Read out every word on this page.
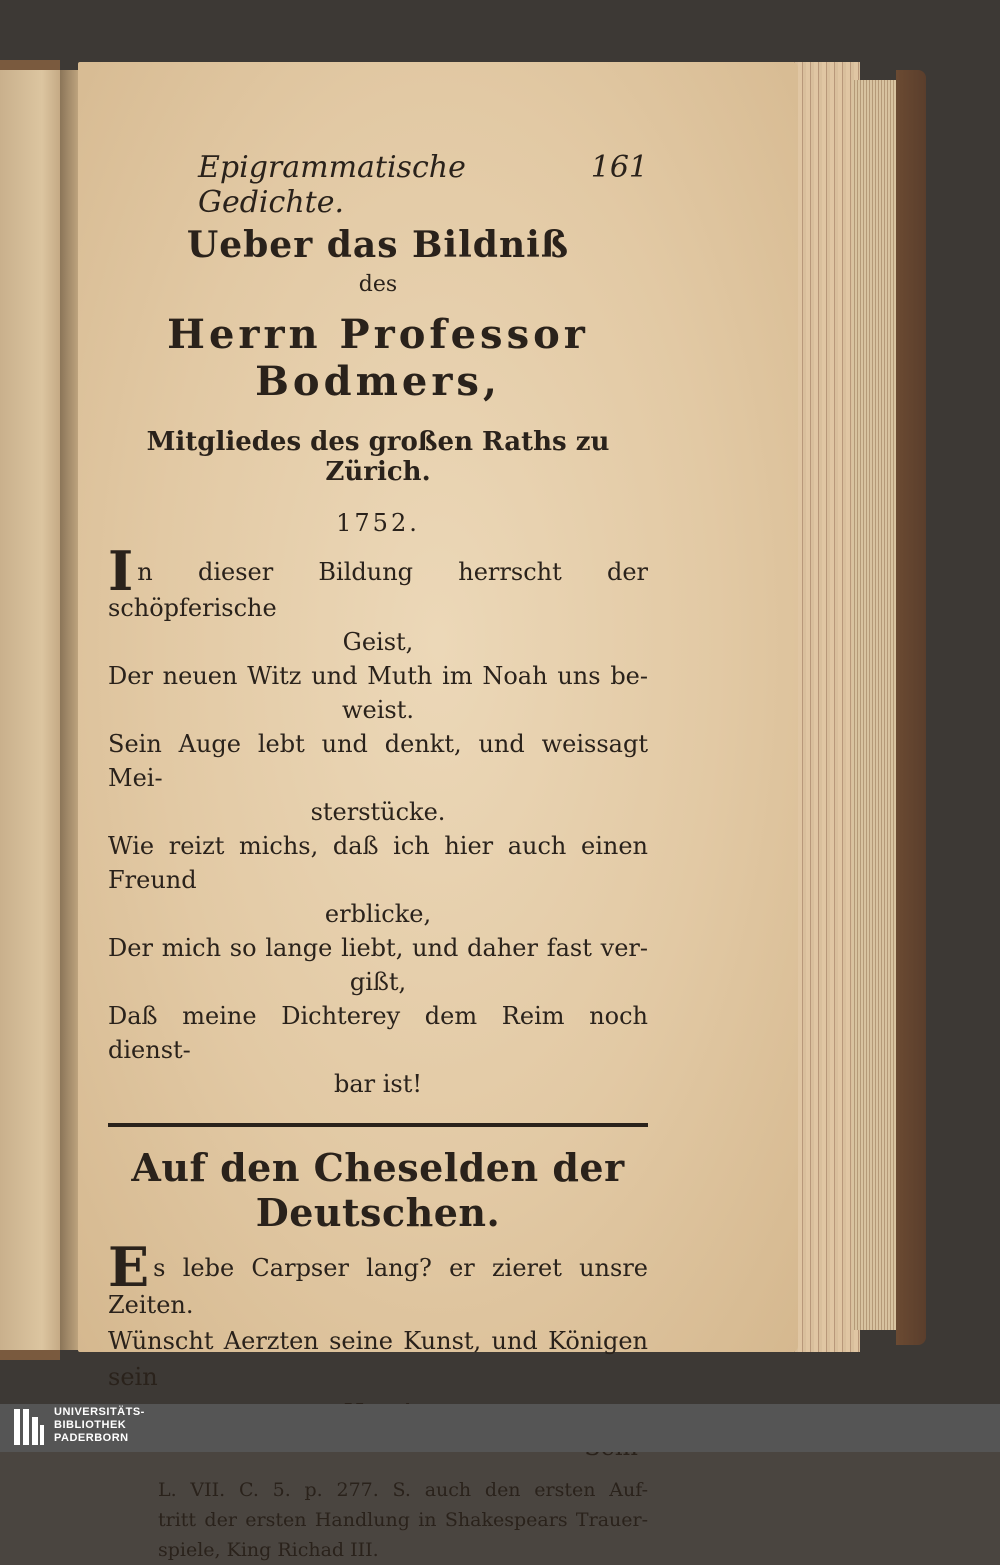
Epigrammatische Gedichte.
161
Ueber das Bildniß
des
Herrn Professor Bodmers,
Mitgliedes des großen Raths zu Zürich.
1752.
In dieser Bildung herrscht der schöpferische
Geist,
Der neuen Witz und Muth im Noah uns be-
weist.
Sein Auge lebt und denkt, und weissagt Mei-
sterstücke.
Wie reizt michs, daß ich hier auch einen Freund
erblicke,
Der mich so lange liebt, und daher fast ver-
gißt,
Daß meine Dichterey dem Reim noch dienst-
bar ist!
Auf den Cheselden der Deutschen.
Es lebe Carpser lang? er zieret unsre Zeiten.
Wünscht Aerzten seine Kunst, und Königen sein
L. VII. C. 5. p. 277. S. auch den ersten Auf-
tritt der ersten Handlung in Shakespears Trauer-
spiele, King Richad III.
UNIVERSITÄTS-
BIBLIOTHEK
PADERBORN
